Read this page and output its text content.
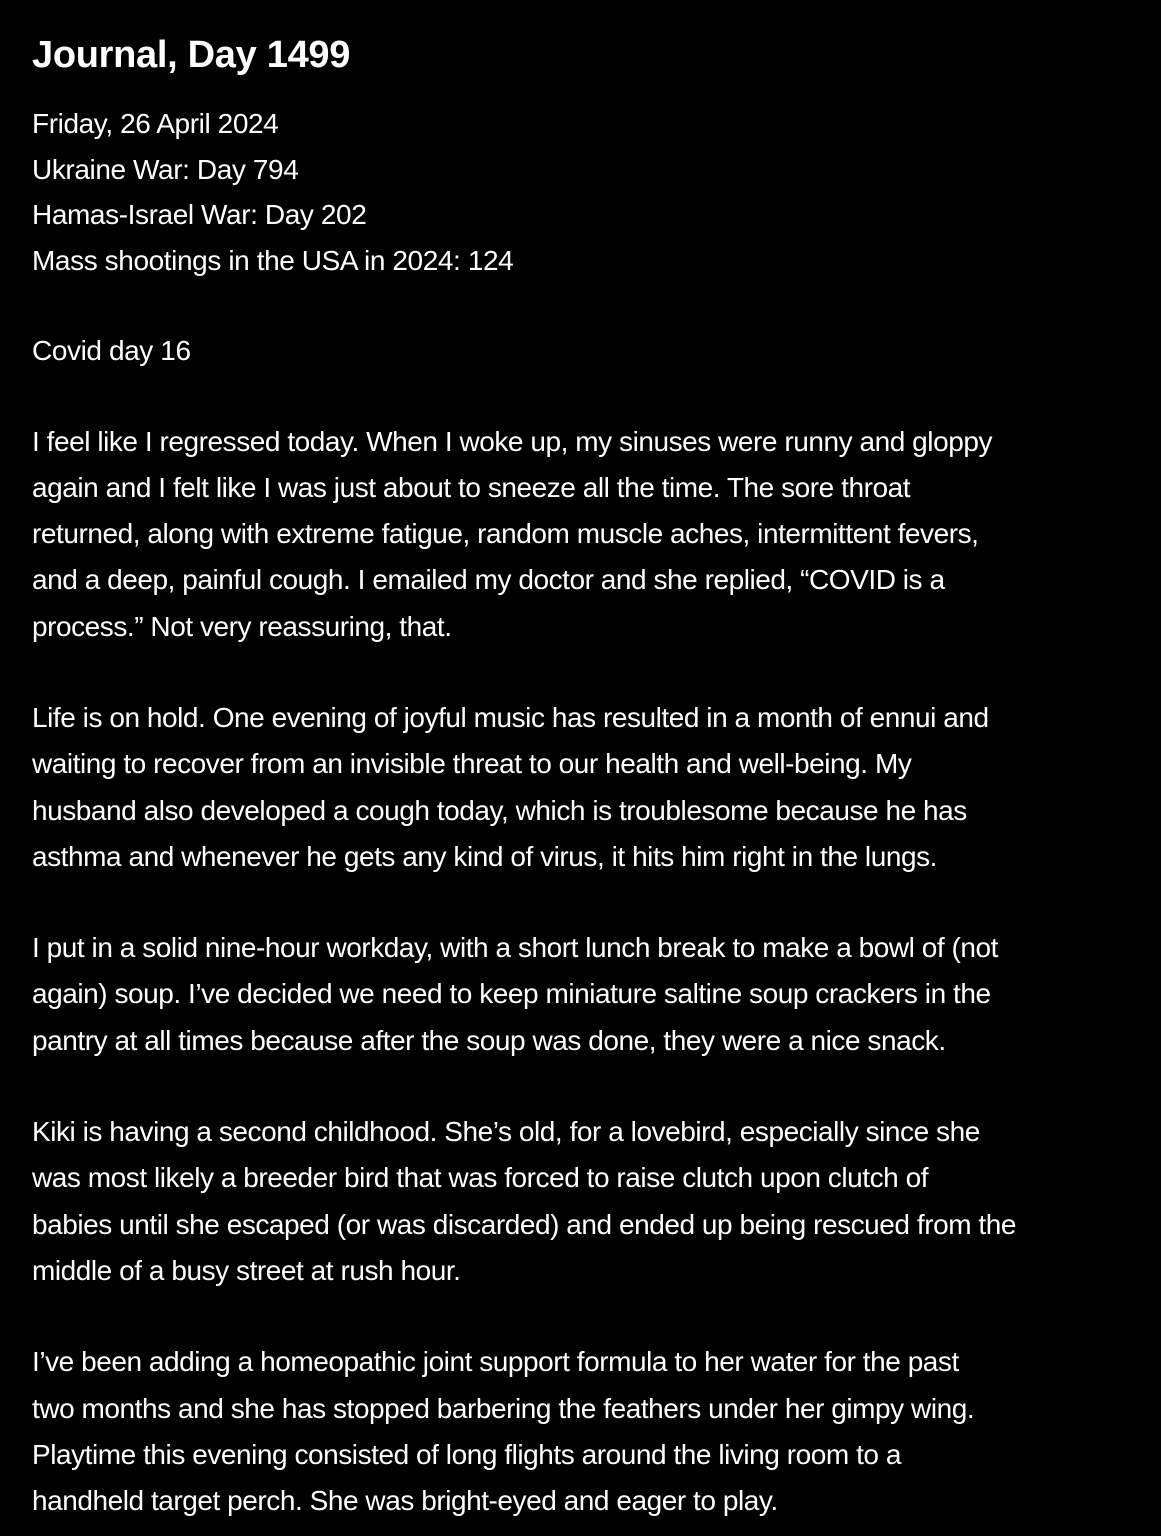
Journal, Day 1499
Friday, 26 April 2024
Ukraine War: Day 794
Hamas-Israel War: Day 202
Mass shootings in the USA in 2024: 124
Covid day 16

I feel like I regressed today. When I woke up, my sinuses were runny and gloppy
again and I felt like I was just about to sneeze all the time. The sore throat
returned, along with extreme fatigue, random muscle aches, intermittent fevers,
and a deep, painful cough. I emailed my doctor and she replied, “COVID is a
process.” Not very reassuring, that.

Life is on hold. One evening of joyful music has resulted in a month of ennui and
waiting to recover from an invisible threat to our health and well-being. My
husband also developed a cough today, which is troublesome because he has
asthma and whenever he gets any kind of virus, it hits him right in the lungs.

I put in a solid nine-hour workday, with a short lunch break to make a bowl of (not
again) soup. I’ve decided we need to keep miniature saltine soup crackers in the
pantry at all times because after the soup was done, they were a nice snack.

Kiki is having a second childhood. She’s old, for a lovebird, especially since she
was most likely a breeder bird that was forced to raise clutch upon clutch of
babies until she escaped (or was discarded) and ended up being rescued from the
middle of a busy street at rush hour.

I’ve been adding a homeopathic joint support formula to her water for the past
two months and she has stopped barbering the feathers under her gimpy wing.
Playtime this evening consisted of long flights around the living room to a
handheld target perch. She was bright-eyed and eager to play.
